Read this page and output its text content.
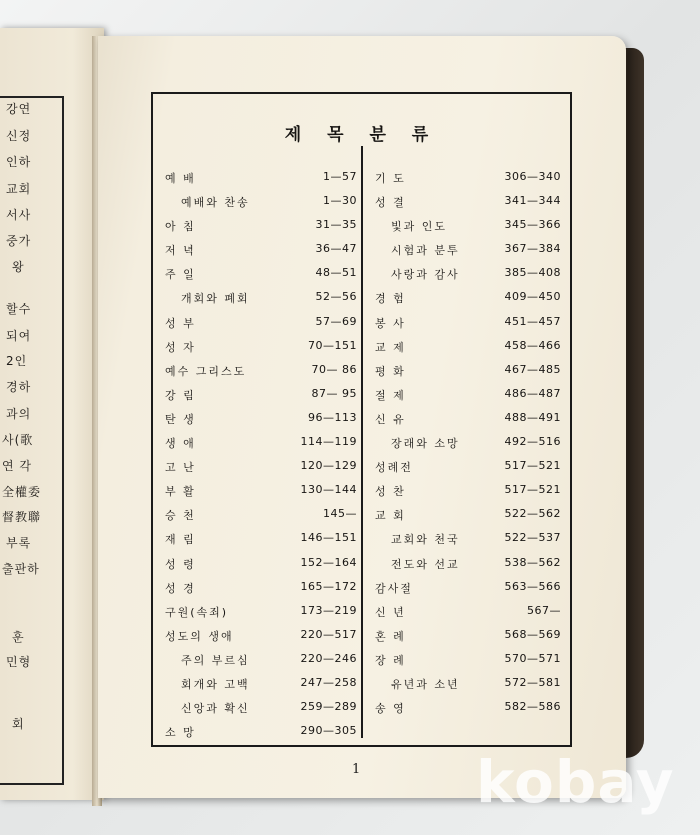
강연
신정
인하
교회
서사
중가
왕
할수
되여
2인
경하
과의
사(歌
연 각
全權委
督教聯
부록
출판하
훈
민형
회
제 목 분 류
예 배	1—57
예배와 찬송	1—30
아 침	31—35
저 녁	36—47
주 일	48—51
개회와 폐회	52—56
성 부	57—69
성 자	70—151
예수 그리스도	70— 86
강 림	87— 95
탄 생	96—113
생 애	114—119
고 난	120—129
부 활	130—144
승 천	145—
재 림	146—151
성 령	152—164
성 경	165—172
구원(속죄)	173—219
성도의 생애	220—517
주의 부르심	220—246
회개와 고백	247—258
신앙과 확신	259—289
소 망	290—305
기 도	306—340
성 결	341—344
빛과 인도	345—366
시험과 분투	367—384
사랑과 감사	385—408
경 험	409—450
봉 사	451—457
교 제	458—466
평 화	467—485
절 제	486—487
신 유	488—491
장래와 소망	492—516
성례전	517—521
성 찬	517—521
교 회	522—562
교회와 천국	522—537
전도와 선교	538—562
감사절	563—566
신 년	567—
혼 례	568—569
장 례	570—571
유년과 소년	572—581
송 영	582—586
1 kobay
